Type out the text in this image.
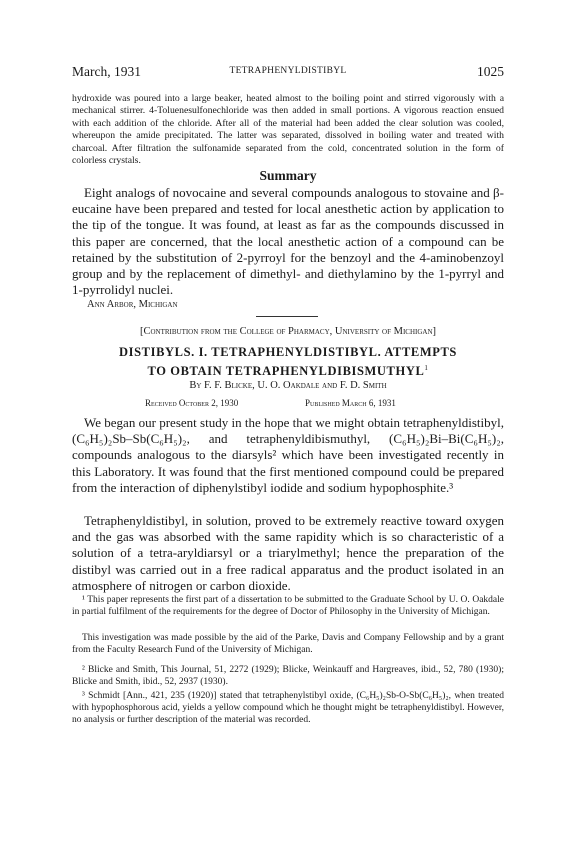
March, 1931	TETRAPHENYLDISTIBYL	1025

hydroxide was poured into a large beaker, heated almost to the boiling point and stirred vigorously with a mechanical stirrer. 4-Toluenesulfonechloride was then added in small portions. A vigorous reaction ensued with each addition of the chloride. After all of the material had been added the clear solution was cooled, whereupon the amide precipitated. The latter was separated, dissolved in boiling water and treated with charcoal. After filtration the sulfonamide separated from the cold, concentrated solution in the form of colorless crystals.

Summary

Eight analogs of novocaine and several compounds analogous to stovaine and β-eucaine have been prepared and tested for local anesthetic action by application to the tip of the tongue. It was found, at least as far as the compounds discussed in this paper are concerned, that the local anesthetic action of a compound can be retained by the substitution of 2-pyrroyl for the benzoyl and the 4-aminobenzoyl group and by the replacement of dimethyl- and diethylamino by the 1-pyrryl and 1-pyrrolidyl nuclei.

Ann Arbor, Michigan
[Contribution from the College of Pharmacy, University of Michigan]
DISTIBYLS. I. TETRAPHENYLDISTIBYL. ATTEMPTS
TO OBTAIN TETRAPHENYLDIBISMUTHYL$^1$
By F. F. Blicke, U. O. Oakdale and F. D. Smith
Received October 2, 1930	Published March 6, 1931

We began our present study in the hope that we might obtain tetraphenyldistibyl, (C₆H₅)₂Sb–Sb(C₆H₅)₂, and tetraphenyldibismuthyl, (C₆H₅)₂Bi–Bi(C₆H₅)₂, compounds analogous to the diarsyls² which have been investigated recently in this Laboratory. It was found that the first mentioned compound could be prepared from the interaction of diphenylstibyl iodide and sodium hypophosphite.³

Tetraphenyldistibyl, in solution, proved to be extremely reactive toward oxygen and the gas was absorbed with the same rapidity which is so characteristic of a solution of a tetra-aryldiarsyl or a triarylmethyl; hence the preparation of the distibyl was carried out in a free radical apparatus and the product isolated in an atmosphere of nitrogen or carbon dioxide.

¹ This paper represents the first part of a dissertation to be submitted to the Graduate School by U. O. Oakdale in partial fulfilment of the requirements for the degree of Doctor of Philosophy in the University of Michigan.

This investigation was made possible by the aid of the Parke, Davis and Company Fellowship and by a grant from the Faculty Research Fund of the University of Michigan.

² Blicke and Smith, This Journal, 51, 2272 (1929); Blicke, Weinkauff and Hargreaves, ibid., 52, 780 (1930); Blicke and Smith, ibid., 52, 2937 (1930).

³ Schmidt [Ann., 421, 235 (1920)] stated that tetraphenylstibyl oxide, (C₆H₅)₂Sb-O-Sb(C₆H₅)₂, when treated with hypophosphorous acid, yields a yellow compound which he thought might be tetraphenyldistibyl. However, no analysis or further description of the material was recorded.
